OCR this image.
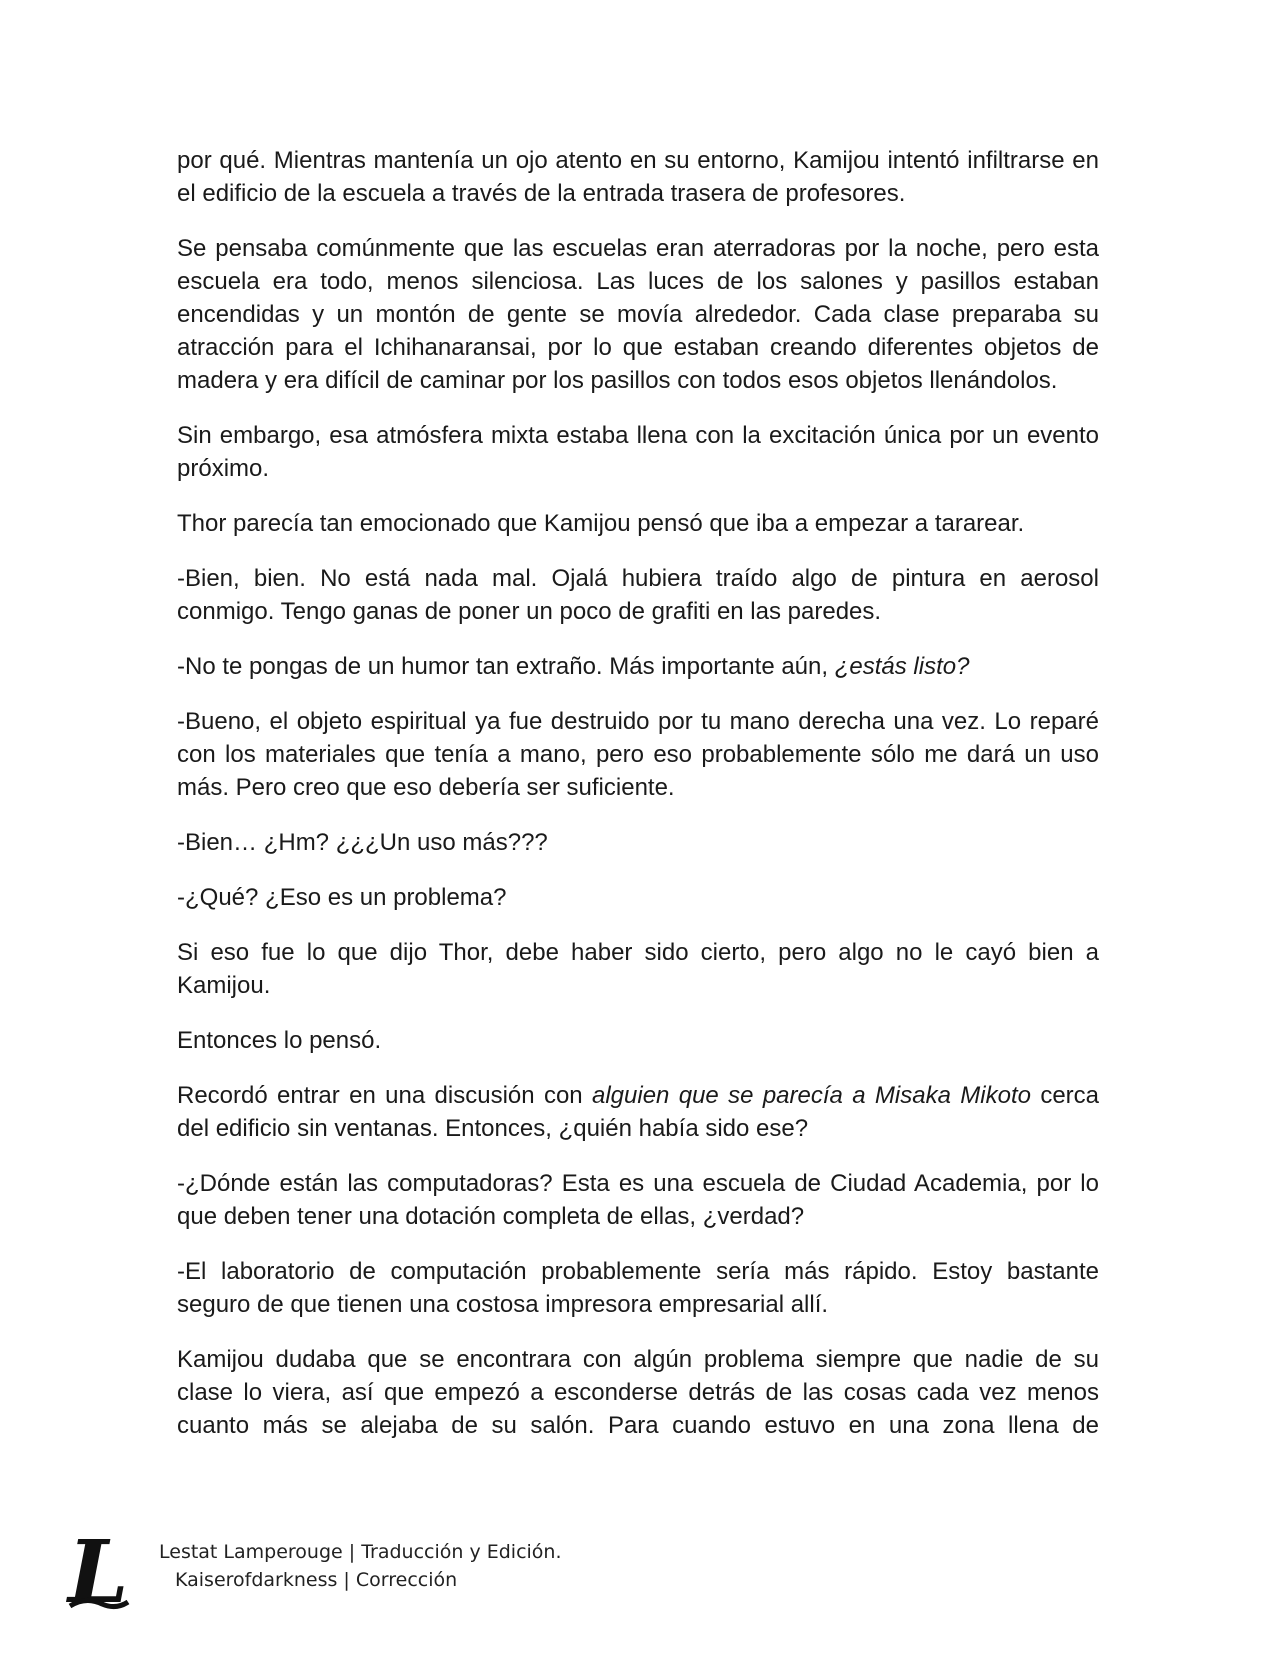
por qué. Mientras mantenía un ojo atento en su entorno, Kamijou intentó infiltrarse en el edificio de la escuela a través de la entrada trasera de profesores.

Se pensaba comúnmente que las escuelas eran aterradoras por la noche, pero esta escuela era todo, menos silenciosa. Las luces de los salones y pasillos estaban encendidas y un montón de gente se movía alrededor. Cada clase preparaba su atracción para el Ichihanaransai, por lo que estaban creando diferentes objetos de madera y era difícil de caminar por los pasillos con todos esos objetos llenándolos.

Sin embargo, esa atmósfera mixta estaba llena con la excitación única por un evento próximo.

Thor parecía tan emocionado que Kamijou pensó que iba a empezar a tararear.

-Bien, bien. No está nada mal. Ojalá hubiera traído algo de pintura en aerosol conmigo. Tengo ganas de poner un poco de grafiti en las paredes.

-No te pongas de un humor tan extraño. Más importante aún, ¿estás listo?

-Bueno, el objeto espiritual ya fue destruido por tu mano derecha una vez. Lo reparé con los materiales que tenía a mano, pero eso probablemente sólo me dará un uso más. Pero creo que eso debería ser suficiente.

-Bien… ¿Hm? ¿¿¿Un uso más???

-¿Qué? ¿Eso es un problema?

Si eso fue lo que dijo Thor, debe haber sido cierto, pero algo no le cayó bien a Kamijou.

Entonces lo pensó.

Recordó entrar en una discusión con alguien que se parecía a Misaka Mikoto cerca del edificio sin ventanas. Entonces, ¿quién había sido ese?

-¿Dónde están las computadoras? Esta es una escuela de Ciudad Academia, por lo que deben tener una dotación completa de ellas, ¿verdad?

-El laboratorio de computación probablemente sería más rápido. Estoy bastante seguro de que tienen una costosa impresora empresarial allí.

Kamijou dudaba que se encontrara con algún problema siempre que nadie de su clase lo viera, así que empezó a esconderse detrás de las cosas cada vez menos cuanto más se alejaba de su salón. Para cuando estuvo en una zona llena de

L Lestat Lamperouge | Traducción y Edición.
Kaiserofdarkness | Corrección
